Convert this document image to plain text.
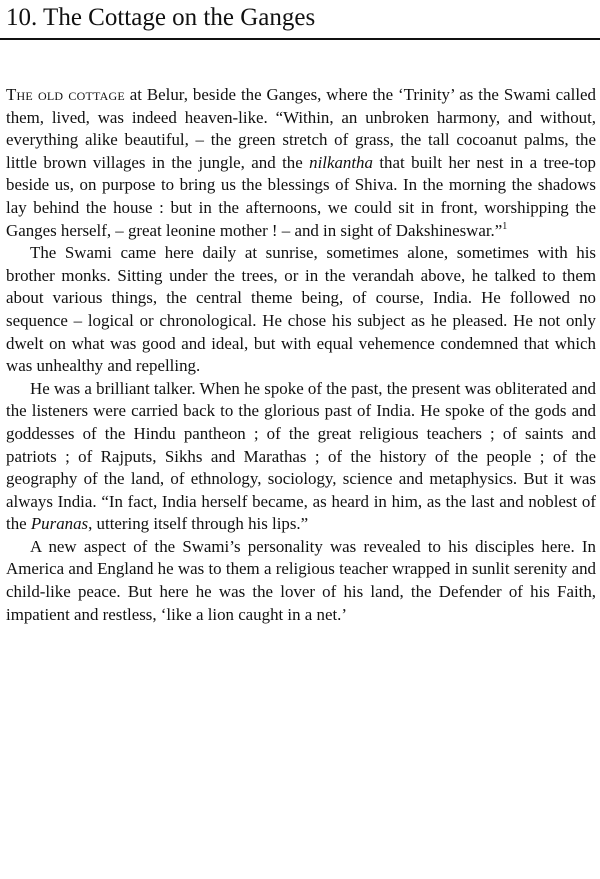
10. The Cottage on the Ganges

The old cottage at Belur, beside the Ganges, where the ‘Trinity’ as the Swami called them, lived, was indeed heaven-like. “Within, an unbroken harmony, and without, everything alike beautiful, – the green stretch of grass, the tall cocoanut palms, the little brown villages in the jungle, and the nilkantha that built her nest in a tree-top beside us, on purpose to bring us the blessings of Shiva. In the morning the shadows lay behind the house : but in the afternoons, we could sit in front, worshipping the Ganges herself, – great leonine mother ! – and in sight of Dakshineswar.”$^1$

The Swami came here daily at sunrise, sometimes alone, sometimes with his brother monks. Sitting under the trees, or in the verandah above, he talked to them about various things, the central theme being, of course, India. He followed no sequence – logical or chronological. He chose his subject as he pleased. He not only dwelt on what was good and ideal, but with equal vehemence condemned that which was unhealthy and repelling.

He was a brilliant talker. When he spoke of the past, the present was obliterated and the listeners were carried back to the glorious past of India. He spoke of the gods and goddesses of the Hindu pantheon ; of the great religious teachers ; of saints and patriots ; of Rajputs, Sikhs and Marathas ; of the history of the people ; of the geography of the land, of ethnology, sociology, science and metaphysics. But it was always India. “In fact, India herself became, as heard in him, as the last and noblest of the Puranas, uttering itself through his lips.”

A new aspect of the Swami’s personality was revealed to his disciples here. In America and England he was to them a religious teacher wrapped in sunlit serenity and child-like peace. But here he was the lover of his land, the Defender of his Faith, impatient and restless, ‘like a lion caught in a net.’
